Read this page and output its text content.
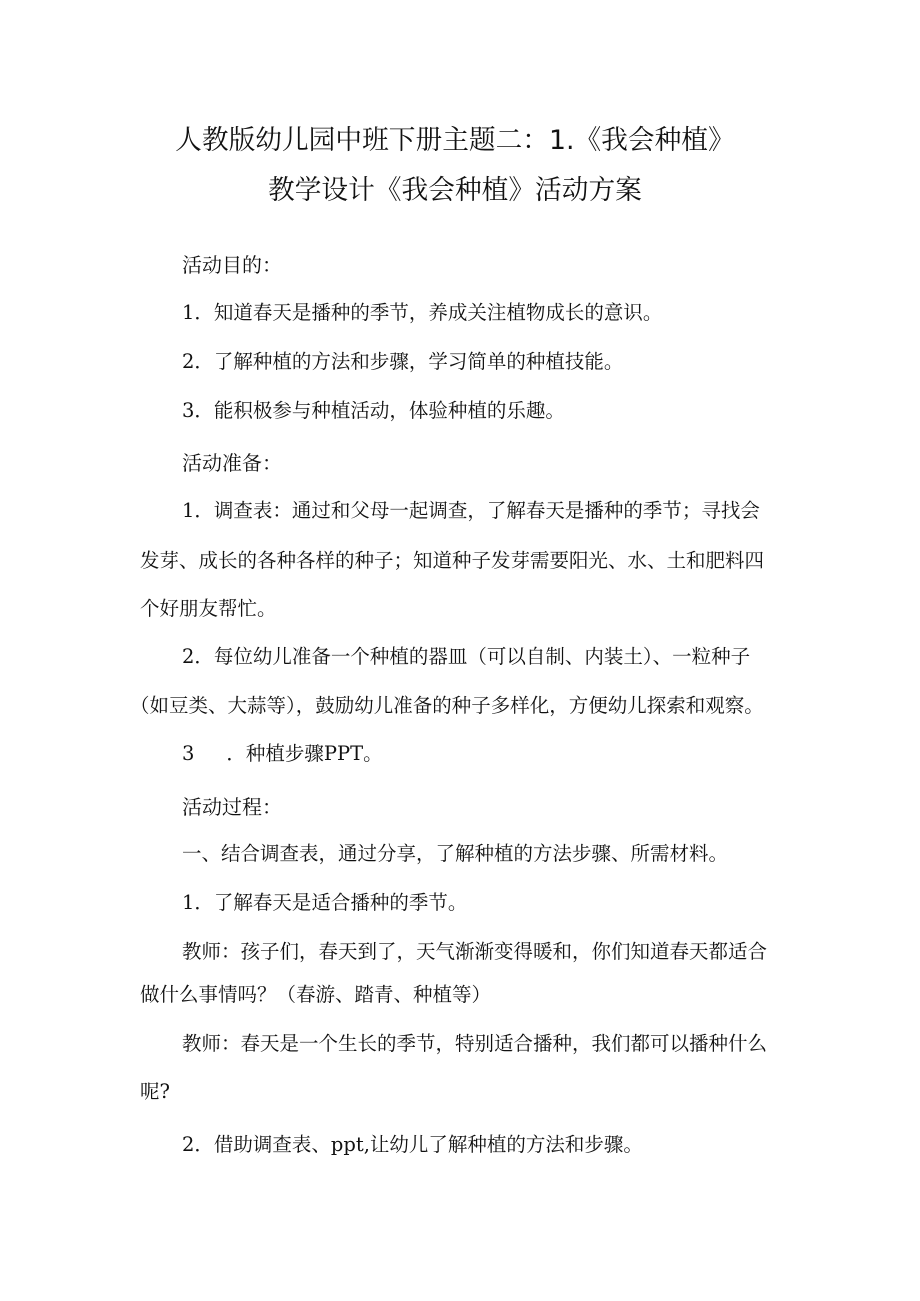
人教版幼儿园中班下册主题二：1.《我会种植》
教学设计《我会种植》活动方案
活动目的：
1．知道春天是播种的季节，养成关注植物成长的意识。
2．了解种植的方法和步骤，学习简单的种植技能。
3．能积极参与种植活动，体验种植的乐趣。
活动准备：
1．调查表：通过和父母一起调查，了解春天是播种的季节；寻找会
发芽、成长的各种各样的种子；知道种子发芽需要阳光、水、土和肥料四
个好朋友帮忙。
2．每位幼儿准备一个种植的器皿（可以自制、内装土）、一粒种子
（如豆类、大蒜等），鼓励幼儿准备的种子多样化，方便幼儿探索和观察。
3 ．种植步骤PPT。
活动过程：
一、结合调查表，通过分享，了解种植的方法步骤、所需材料。
1．了解春天是适合播种的季节。
教师：孩子们，春天到了，天气渐渐变得暖和，你们知道春天都适合
做什么事情吗？（春游、踏青、种植等）
教师：春天是一个生长的季节，特别适合播种，我们都可以播种什么
呢?
2．借助调查表、ppt,让幼儿了解种植的方法和步骤。
